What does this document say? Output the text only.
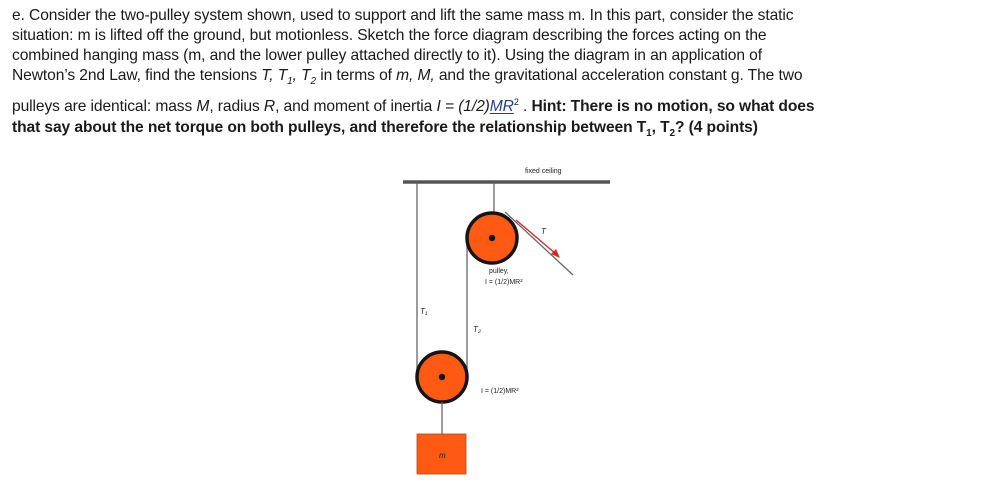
e. Consider the two-pulley system shown, used to support and lift the same mass m. In this part, consider the static
situation: m is lifted off the ground, but motionless. Sketch the force diagram describing the forces acting on the
combined hanging mass (m, and the lower pulley attached directly to it). Using the diagram in an application of
Newton’s 2nd Law, find the tensions T, $T_1$, $T_2$ in terms of m, M, and the gravitational acceleration constant g. The two
pulleys are identical: mass M, radius R, and moment of inertia $I = (1/2)MR^2$ . Hint: There is no motion, so what does
that say about the net torque on both pulleys, and therefore the relationship between $T_1$, $T_2$? (4 points)
fixed ceiling
T
pulley,
I = (1/2)MR²
T₁
T₂
I = (1/2)MR²
m
